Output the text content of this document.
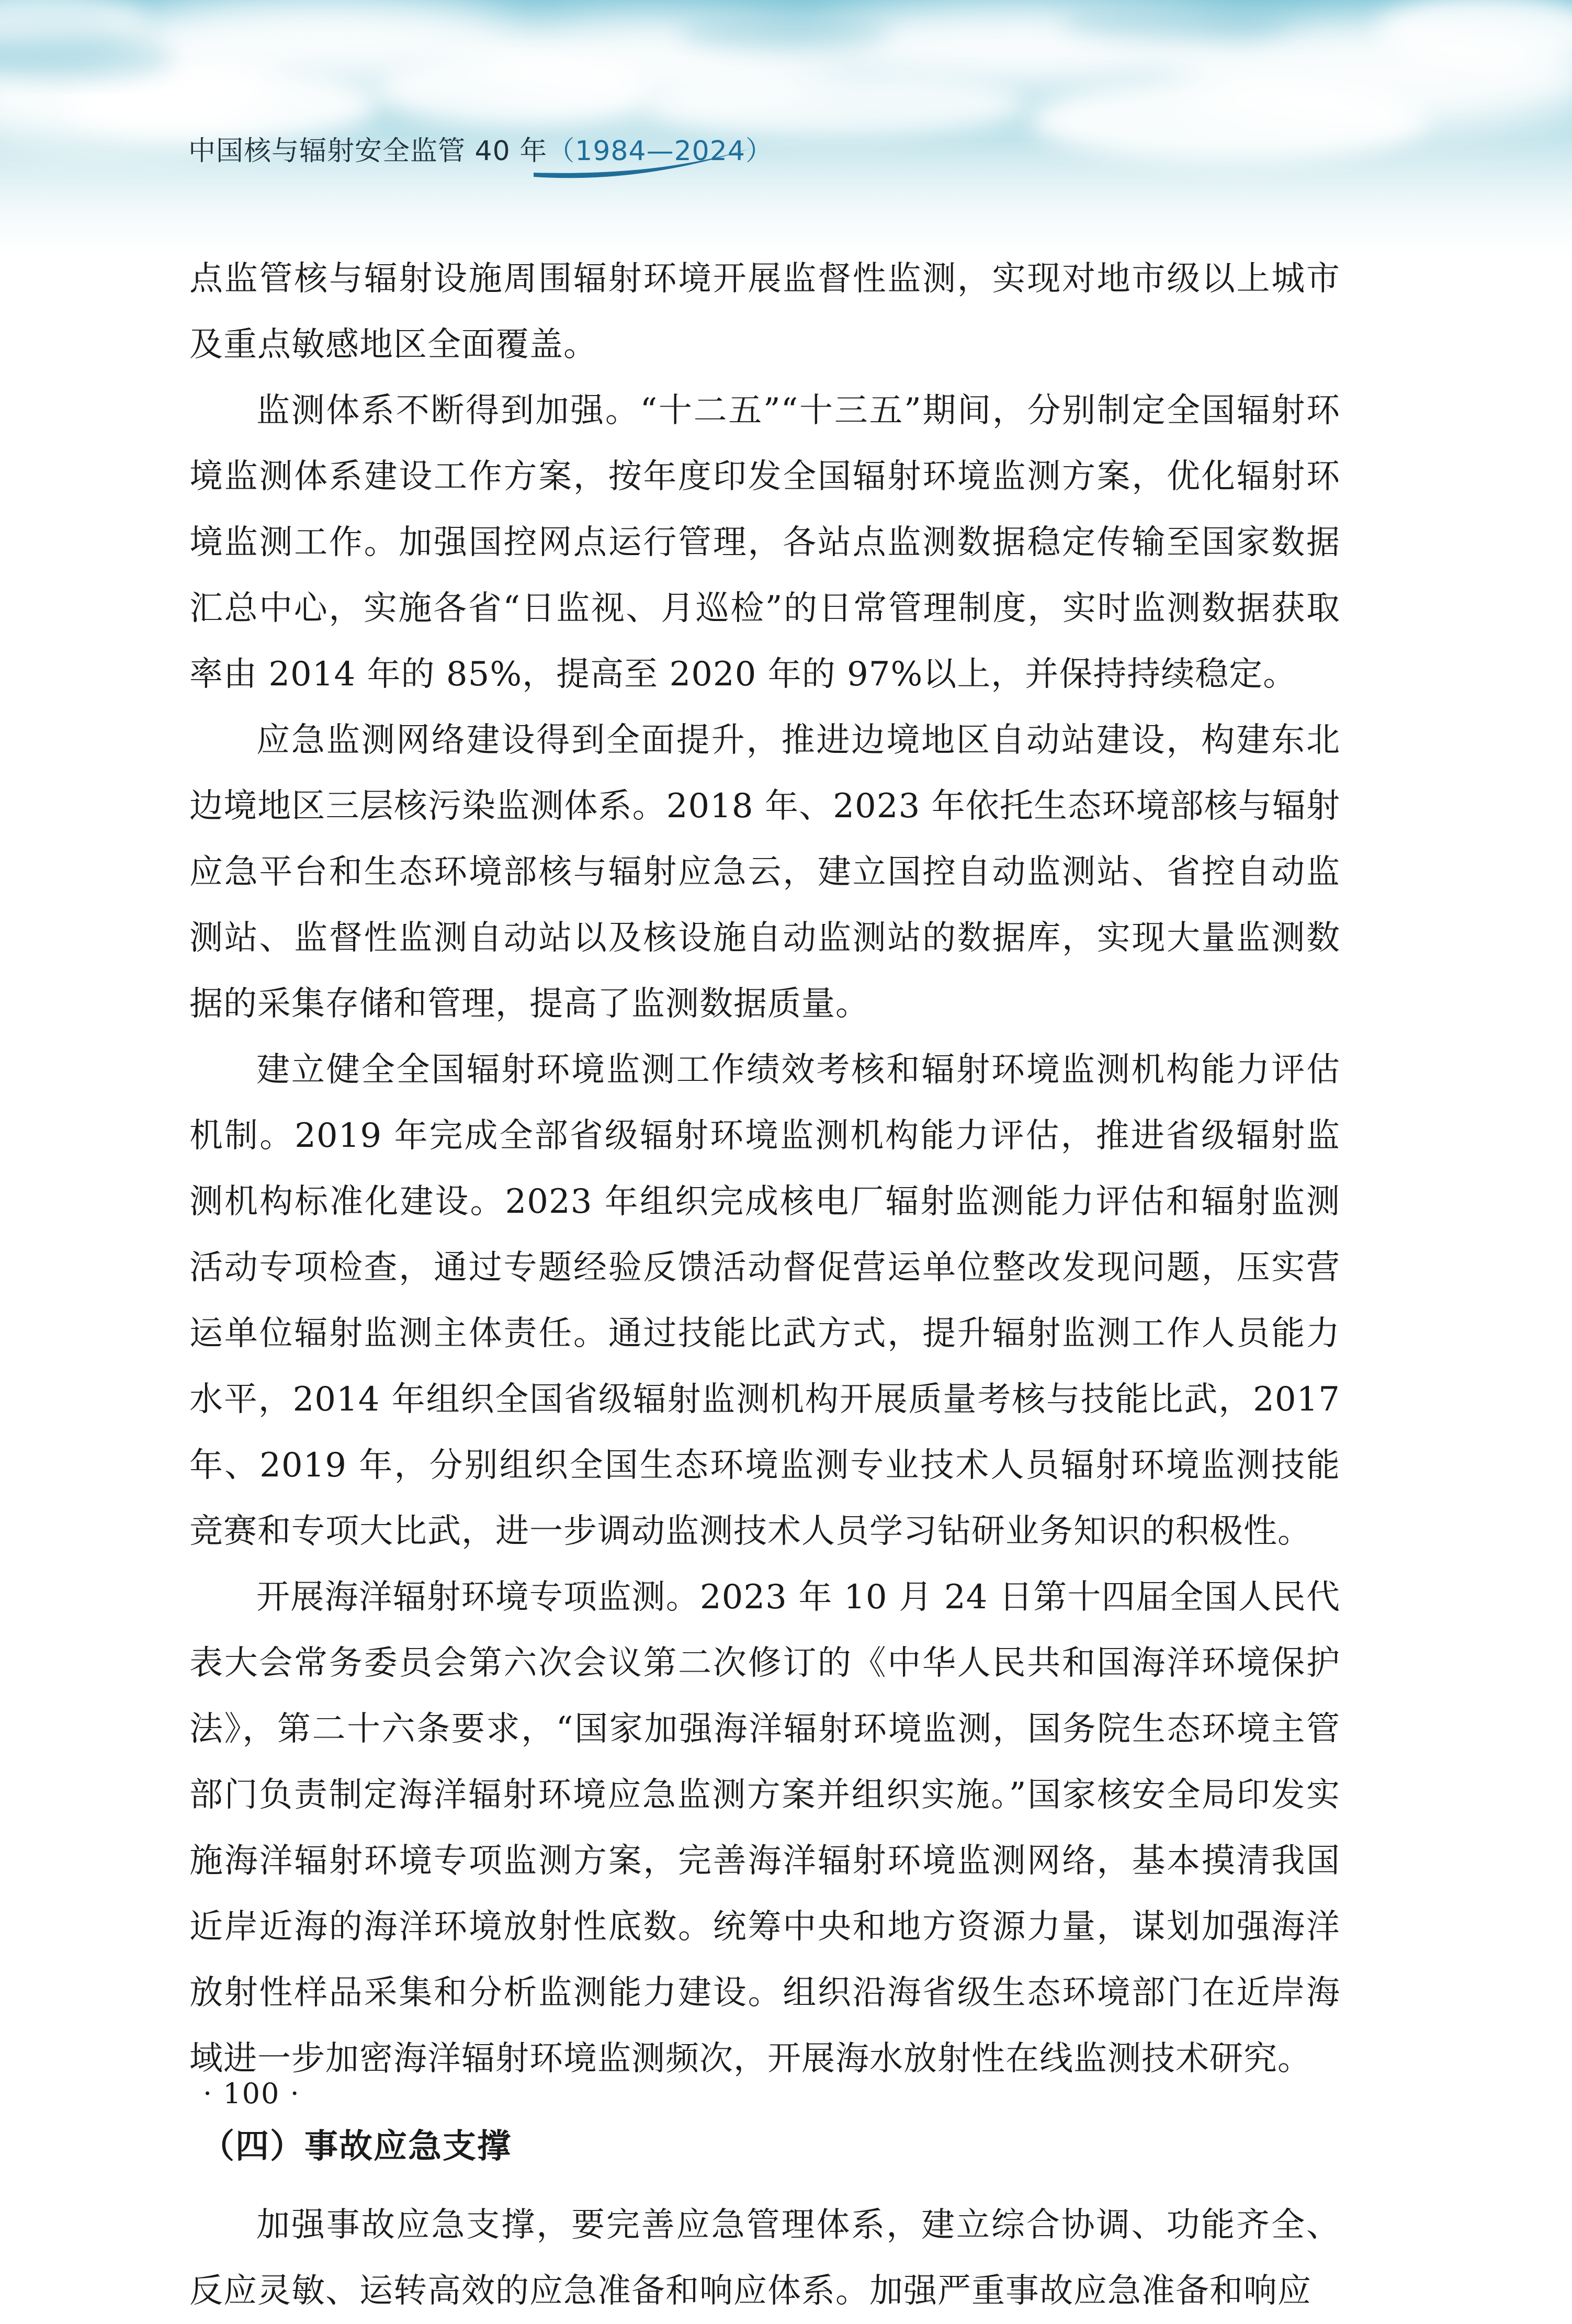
中国核与辐射安全监管 40 年（1984—2024）

点监管核与辐射设施周围辐射环境开展监督性监测，实现对地市级以上城市及重点敏感地区全面覆盖。

监测体系不断得到加强。“十二五”“十三五”期间，分别制定全国辐射环境监测体系建设工作方案，按年度印发全国辐射环境监测方案，优化辐射环境监测工作。加强国控网点运行管理，各站点监测数据稳定传输至国家数据汇总中心，实施各省“日监视、月巡检”的日常管理制度，实时监测数据获取率由 2014 年的 85%，提高至 2020 年的 97%以上，并保持持续稳定。

应急监测网络建设得到全面提升，推进边境地区自动站建设，构建东北边境地区三层核污染监测体系。2018 年、2023 年依托生态环境部核与辐射应急平台和生态环境部核与辐射应急云，建立国控自动监测站、省控自动监测站、监督性监测自动站以及核设施自动监测站的数据库，实现大量监测数据的采集存储和管理，提高了监测数据质量。

建立健全全国辐射环境监测工作绩效考核和辐射环境监测机构能力评估机制。2019 年完成全部省级辐射环境监测机构能力评估，推进省级辐射监测机构标准化建设。2023 年组织完成核电厂辐射监测能力评估和辐射监测活动专项检查，通过专题经验反馈活动督促营运单位整改发现问题，压实营运单位辐射监测主体责任。通过技能比武方式，提升辐射监测工作人员能力水平，2014 年组织全国省级辐射监测机构开展质量考核与技能比武，2017 年、2019 年，分别组织全国生态环境监测专业技术人员辐射环境监测技能竞赛和专项大比武，进一步调动监测技术人员学习钻研业务知识的积极性。

开展海洋辐射环境专项监测。2023 年 10 月 24 日第十四届全国人民代表大会常务委员会第六次会议第二次修订的《中华人民共和国海洋环境保护法》，第二十六条要求，“国家加强海洋辐射环境监测，国务院生态环境主管部门负责制定海洋辐射环境应急监测方案并组织实施。”国家核安全局印发实施海洋辐射环境专项监测方案，完善海洋辐射环境监测网络，基本摸清我国近岸近海的海洋环境放射性底数。统筹中央和地方资源力量，谋划加强海洋放射性样品采集和分析监测能力建设。组织沿海省级生态环境部门在近岸海域进一步加密海洋辐射环境监测频次，开展海水放射性在线监测技术研究。

（四）事故应急支撑

加强事故应急支撑，要完善应急管理体系，建立综合协调、功能齐全、反应灵敏、运转高效的应急准备和响应体系。加强严重事故应急准备和响应

· 100 ·
